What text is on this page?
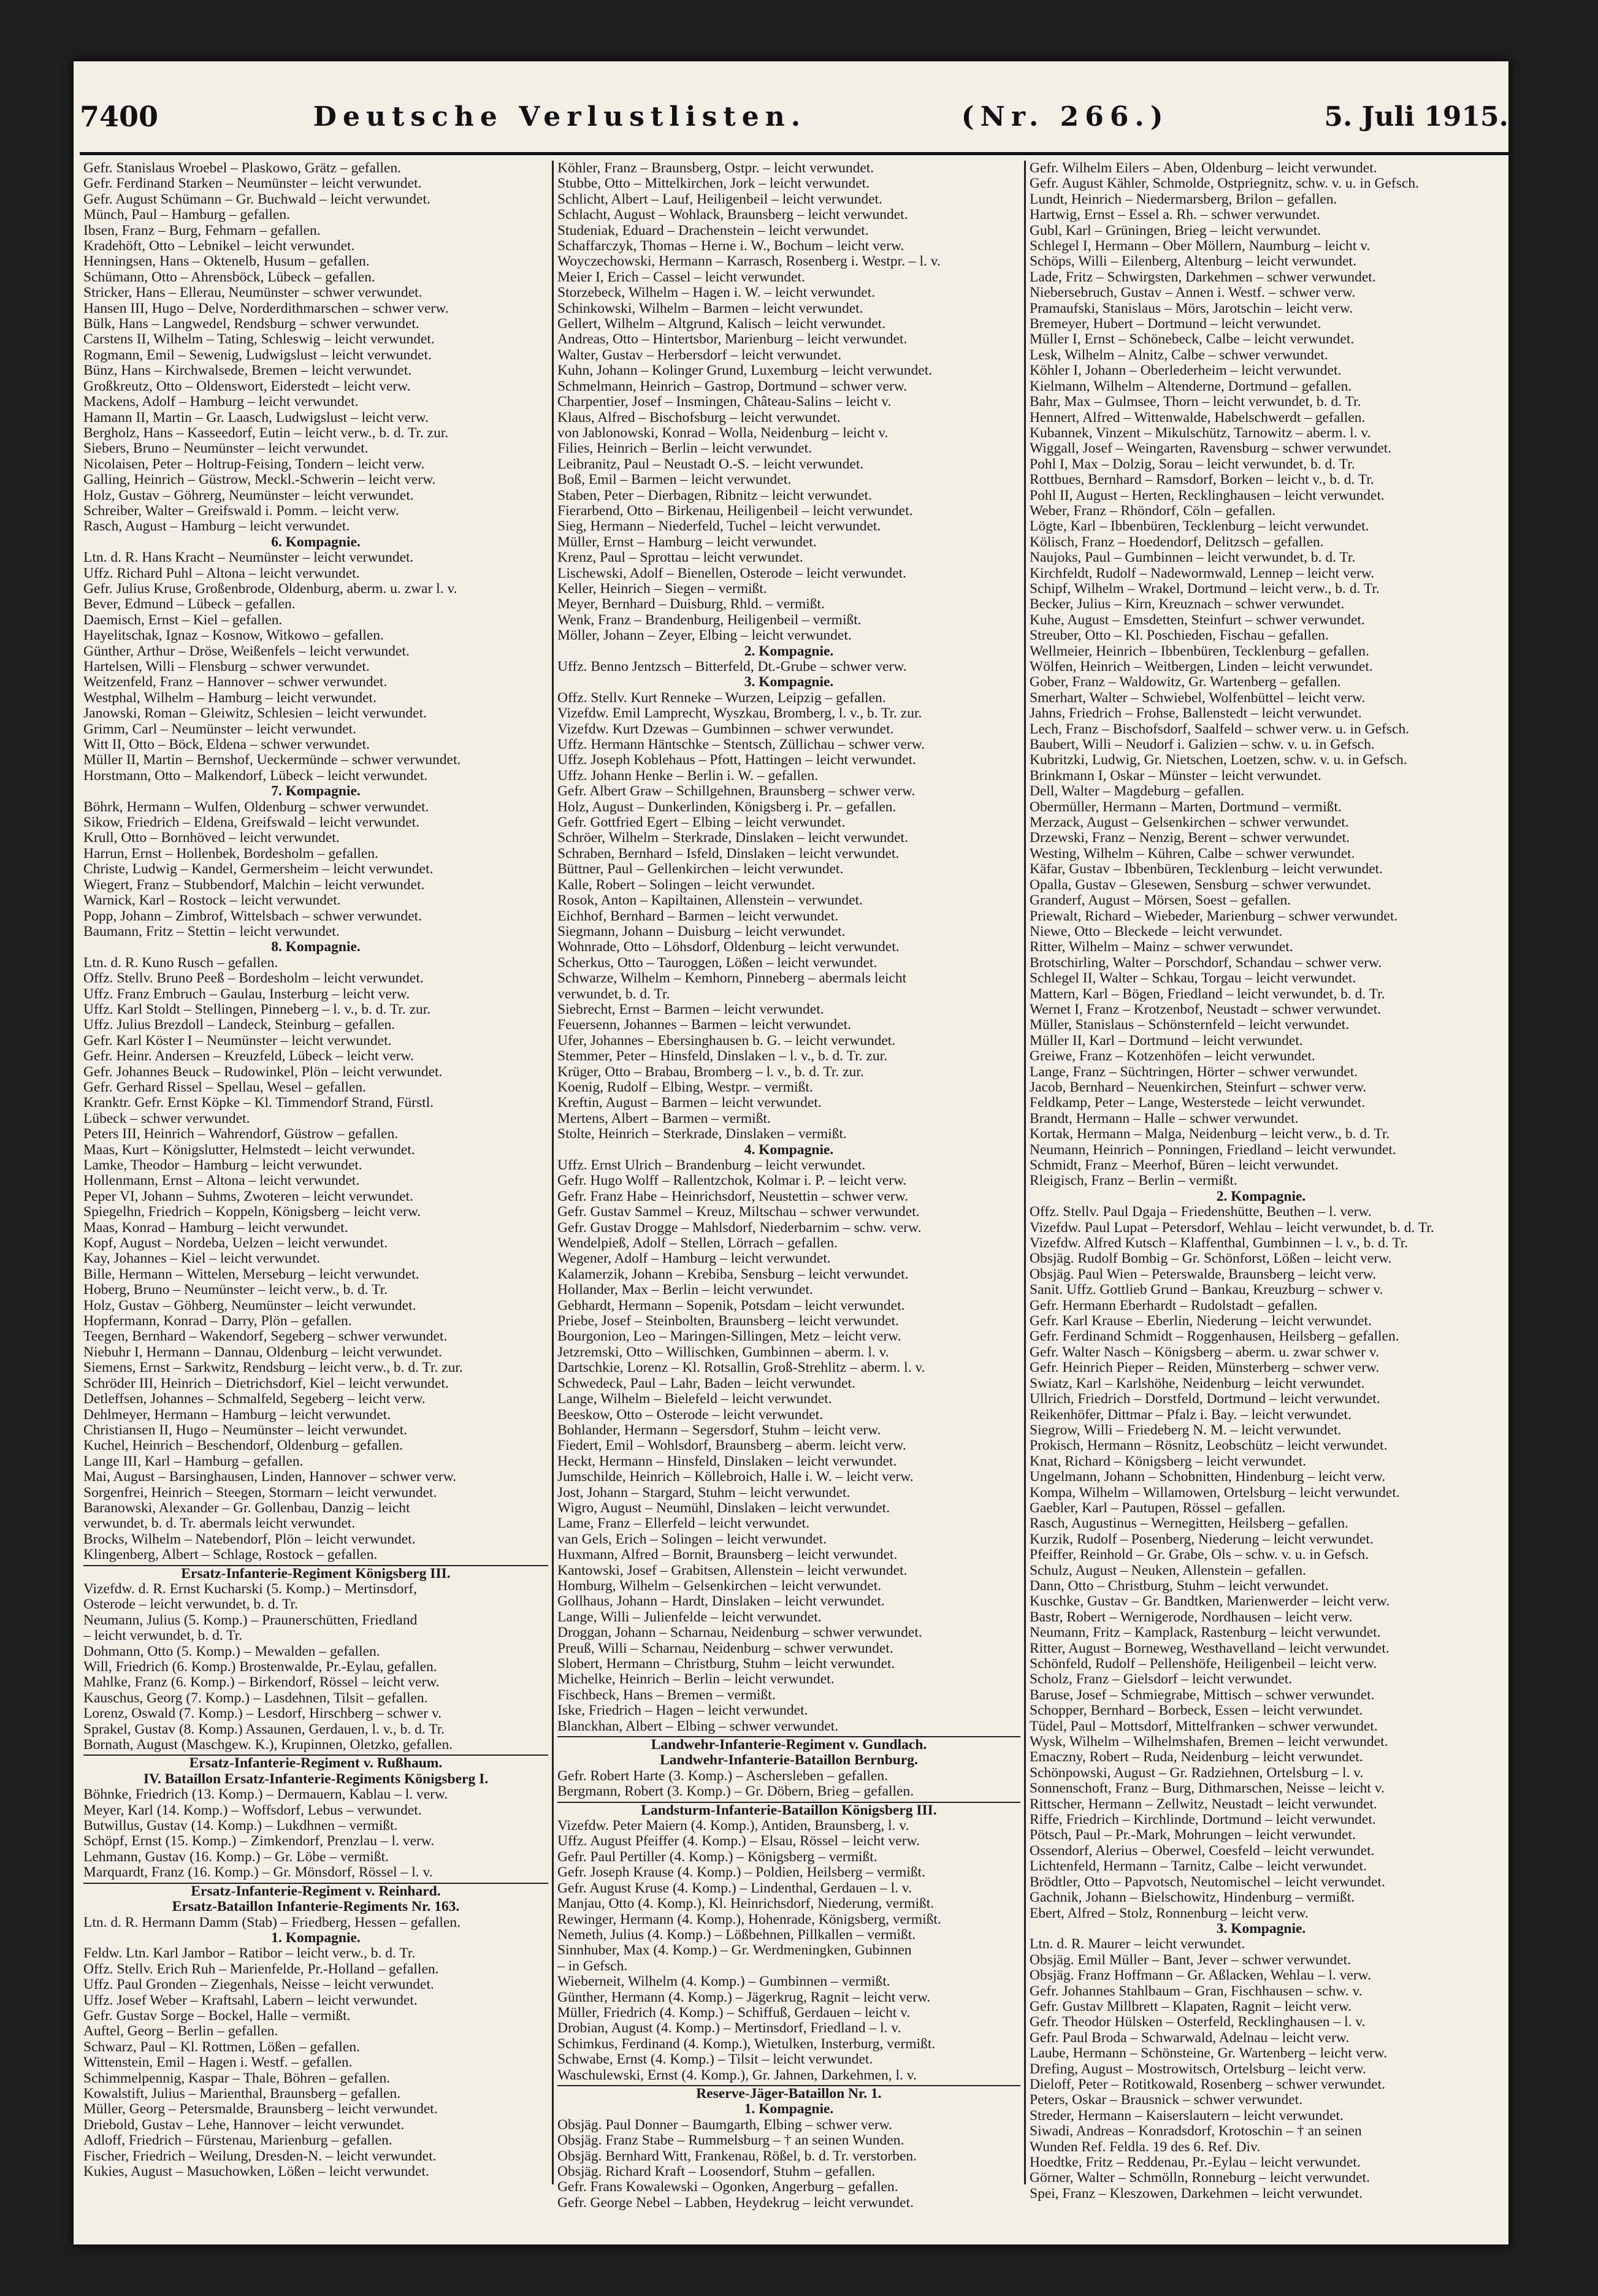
7400	Deutsche Verlustlisten.	(Nr. 266.)	5. Juli 1915.

Gefr. Stanislaus Wroebel – Plaskowo, Grätz – gefallen.

Gefr. Ferdinand Starken – Neumünster – leicht verwundet.

Gefr. August Schümann – Gr. Buchwald – leicht verwundet.

Münch, Paul – Hamburg – gefallen.

Ibsen, Franz – Burg, Fehmarn – gefallen.

Kradehöft, Otto – Lebnikel – leicht verwundet.

Henningsen, Hans – Oktenelb, Husum – gefallen.

Schümann, Otto – Ahrensböck, Lübeck – gefallen.

Stricker, Hans – Ellerau, Neumünster – schwer verwundet.

Hansen III, Hugo – Delve, Norderdithmarschen – schwer verw.

Bülk, Hans – Langwedel, Rendsburg – schwer verwundet.

Carstens II, Wilhelm – Tating, Schleswig – leicht verwundet.

Rogmann, Emil – Sewenig, Ludwigslust – leicht verwundet.

Bünz, Hans – Kirchwalsede, Bremen – leicht verwundet.

Großkreutz, Otto – Oldenswort, Eiderstedt – leicht verw.

Mackens, Adolf – Hamburg – leicht verwundet.

Hamann II, Martin – Gr. Laasch, Ludwigslust – leicht verw.

Bergholz, Hans – Kasseedorf, Eutin – leicht verw., b. d. Tr. zur.

Siebers, Bruno – Neumünster – leicht verwundet.

Nicolaisen, Peter – Holtrup-Feising, Tondern – leicht verw.

Galling, Heinrich – Güstrow, Meckl.-Schwerin – leicht verw.

Holz, Gustav – Göhrerg, Neumünster – leicht verwundet.

Schreiber, Walter – Greifswald i. Pomm. – leicht verw.

Rasch, August – Hamburg – leicht verwundet.

6. Kompagnie.

Ltn. d. R. Hans Kracht – Neumünster – leicht verwundet.

Uffz. Richard Puhl – Altona – leicht verwundet.

Gefr. Julius Kruse, Großenbrode, Oldenburg, aberm. u. zwar l. v.

Bever, Edmund – Lübeck – gefallen.

Daemisch, Ernst – Kiel – gefallen.

Hayelitschak, Ignaz – Kosnow, Witkowo – gefallen.

Günther, Arthur – Dröse, Weißenfels – leicht verwundet.

Hartelsen, Willi – Flensburg – schwer verwundet.

Weitzenfeld, Franz – Hannover – schwer verwundet.

Westphal, Wilhelm – Hamburg – leicht verwundet.

Janowski, Roman – Gleiwitz, Schlesien – leicht verwundet.

Grimm, Carl – Neumünster – leicht verwundet.

Witt II, Otto – Böck, Eldena – schwer verwundet.

Müller II, Martin – Bernshof, Ueckermünde – schwer verwundet.

Horstmann, Otto – Malkendorf, Lübeck – leicht verwundet.

7. Kompagnie.

Böhrk, Hermann – Wulfen, Oldenburg – schwer verwundet.

Sikow, Friedrich – Eldena, Greifswald – leicht verwundet.

Krull, Otto – Bornhöved – leicht verwundet.

Harrun, Ernst – Hollenbek, Bordesholm – gefallen.

Christe, Ludwig – Kandel, Germersheim – leicht verwundet.

Wiegert, Franz – Stubbendorf, Malchin – leicht verwundet.

Warnick, Karl – Rostock – leicht verwundet.

Popp, Johann – Zimbrof, Wittelsbach – schwer verwundet.

Baumann, Fritz – Stettin – leicht verwundet.

8. Kompagnie.

Ltn. d. R. Kuno Rusch – gefallen.

Offz. Stellv. Bruno Peeß – Bordesholm – leicht verwundet.

Uffz. Franz Embruch – Gaulau, Insterburg – leicht verw.

Uffz. Karl Stoldt – Stellingen, Pinneberg – l. v., b. d. Tr. zur.

Uffz. Julius Brezdoll – Landeck, Steinburg – gefallen.

Gefr. Karl Köster I – Neumünster – leicht verwundet.

Gefr. Heinr. Andersen – Kreuzfeld, Lübeck – leicht verw.

Gefr. Johannes Beuck – Rudowinkel, Plön – leicht verwundet.

Gefr. Gerhard Rissel – Spellau, Wesel – gefallen.

Kranktr. Gefr. Ernst Köpke – Kl. Timmendorf Strand, Fürstl.

Lübeck – schwer verwundet.

Peters III, Heinrich – Wahrendorf, Güstrow – gefallen.

Maas, Kurt – Königslutter, Helmstedt – leicht verwundet.

Lamke, Theodor – Hamburg – leicht verwundet.

Hollenmann, Ernst – Altona – leicht verwundet.

Peper VI, Johann – Suhms, Zwoteren – leicht verwundet.

Spiegelhn, Friedrich – Koppeln, Königsberg – leicht verw.

Maas, Konrad – Hamburg – leicht verwundet.

Kopf, August – Nordeba, Uelzen – leicht verwundet.

Kay, Johannes – Kiel – leicht verwundet.

Bille, Hermann – Wittelen, Merseburg – leicht verwundet.

Hoberg, Bruno – Neumünster – leicht verw., b. d. Tr.

Holz, Gustav – Göhberg, Neumünster – leicht verwundet.

Hopfermann, Konrad – Darry, Plön – gefallen.

Teegen, Bernhard – Wakendorf, Segeberg – schwer verwundet.

Niebuhr I, Hermann – Dannau, Oldenburg – leicht verwundet.

Siemens, Ernst – Sarkwitz, Rendsburg – leicht verw., b. d. Tr. zur.

Schröder III, Heinrich – Dietrichsdorf, Kiel – leicht verwundet.

Detleffsen, Johannes – Schmalfeld, Segeberg – leicht verw.

Dehlmeyer, Hermann – Hamburg – leicht verwundet.

Christiansen II, Hugo – Neumünster – leicht verwundet.

Kuchel, Heinrich – Beschendorf, Oldenburg – gefallen.

Lange III, Karl – Hamburg – gefallen.

Mai, August – Barsinghausen, Linden, Hannover – schwer verw.

Sorgenfrei, Heinrich – Steegen, Stormarn – leicht verwundet.

Baranowski, Alexander – Gr. Gollenbau, Danzig – leicht

verwundet, b. d. Tr. abermals leicht verwundet.

Brocks, Wilhelm – Natebendorf, Plön – leicht verwundet.

Klingenberg, Albert – Schlage, Rostock – gefallen.

Ersatz-Infanterie-Regiment Königsberg III.

Vizefdw. d. R. Ernst Kucharski (5. Komp.) – Mertinsdorf,

Osterode – leicht verwundet, b. d. Tr.

Neumann, Julius (5. Komp.) – Praunerschütten, Friedland

– leicht verwundet, b. d. Tr.

Dohmann, Otto (5. Komp.) – Mewalden – gefallen.

Will, Friedrich (6. Komp.) Brostenwalde, Pr.-Eylau, gefallen.

Mahlke, Franz (6. Komp.) – Birkendorf, Rössel – leicht verw.

Kauschus, Georg (7. Komp.) – Lasdehnen, Tilsit – gefallen.

Lorenz, Oswald (7. Komp.) – Lesdorf, Hirschberg – schwer v.

Sprakel, Gustav (8. Komp.) Assaunen, Gerdauen, l. v., b. d. Tr.

Bornath, August (Maschgew. K.), Krupinnen, Oletzko, gefallen.

Ersatz-Infanterie-Regiment v. Rußhaum.

IV. Bataillon Ersatz-Infanterie-Regiments Königsberg I.

Böhnke, Friedrich (13. Komp.) – Dermauern, Kablau – l. verw.

Meyer, Karl (14. Komp.) – Woffsdorf, Lebus – verwundet.

Butwillus, Gustav (14. Komp.) – Lukdhnen – vermißt.

Schöpf, Ernst (15. Komp.) – Zimkendorf, Prenzlau – l. verw.

Lehmann, Gustav (16. Komp.) – Gr. Löbe – vermißt.

Marquardt, Franz (16. Komp.) – Gr. Mönsdorf, Rössel – l. v.

Ersatz-Infanterie-Regiment v. Reinhard.

Ersatz-Bataillon Infanterie-Regiments Nr. 163.

Ltn. d. R. Hermann Damm (Stab) – Friedberg, Hessen – gefallen.

1. Kompagnie.

Feldw. Ltn. Karl Jambor – Ratibor – leicht verw., b. d. Tr.

Offz. Stellv. Erich Ruh – Marienfelde, Pr.-Holland – gefallen.

Uffz. Paul Gronden – Ziegenhals, Neisse – leicht verwundet.

Uffz. Josef Weber – Kraftsahl, Labern – leicht verwundet.

Gefr. Gustav Sorge – Bockel, Halle – vermißt.

Auftel, Georg – Berlin – gefallen.

Schwarz, Paul – Kl. Rottmen, Lößen – gefallen.

Wittenstein, Emil – Hagen i. Westf. – gefallen.

Schimmelpennig, Kaspar – Thale, Böhren – gefallen.

Kowalstift, Julius – Marienthal, Braunsberg – gefallen.

Müller, Georg – Petersmalde, Braunsberg – leicht verwundet.

Driebold, Gustav – Lehe, Hannover – leicht verwundet.

Adloff, Friedrich – Fürstenau, Marienburg – gefallen.

Fischer, Friedrich – Weilung, Dresden-N. – leicht verwundet.

Kukies, August – Masuchowken, Lößen – leicht verwundet.

Köhler, Franz – Braunsberg, Ostpr. – leicht verwundet.

Stubbe, Otto – Mittelkirchen, Jork – leicht verwundet.

Schlicht, Albert – Lauf, Heiligenbeil – leicht verwundet.

Schlacht, August – Wohlack, Braunsberg – leicht verwundet.

Studeniak, Eduard – Drachenstein – leicht verwundet.

Schaffarczyk, Thomas – Herne i. W., Bochum – leicht verw.

Woyczechowski, Hermann – Karrasch, Rosenberg i. Westpr. – l. v.

Meier I, Erich – Cassel – leicht verwundet.

Storzebeck, Wilhelm – Hagen i. W. – leicht verwundet.

Schinkowski, Wilhelm – Barmen – leicht verwundet.

Gellert, Wilhelm – Altgrund, Kalisch – leicht verwundet.

Andreas, Otto – Hintertsbor, Marienburg – leicht verwundet.

Walter, Gustav – Herbersdorf – leicht verwundet.

Kuhn, Johann – Kolinger Grund, Luxemburg – leicht verwundet.

Schmelmann, Heinrich – Gastrop, Dortmund – schwer verw.

Charpentier, Josef – Insmingen, Château-Salins – leicht v.

Klaus, Alfred – Bischofsburg – leicht verwundet.

von Jablonowski, Konrad – Wolla, Neidenburg – leicht v.

Filies, Heinrich – Berlin – leicht verwundet.

Leibranitz, Paul – Neustadt O.-S. – leicht verwundet.

Boß, Emil – Barmen – leicht verwundet.

Staben, Peter – Dierbagen, Ribnitz – leicht verwundet.

Fierarbend, Otto – Birkenau, Heiligenbeil – leicht verwundet.

Sieg, Hermann – Niederfeld, Tuchel – leicht verwundet.

Müller, Ernst – Hamburg – leicht verwundet.

Krenz, Paul – Sprottau – leicht verwundet.

Lischewski, Adolf – Bienellen, Osterode – leicht verwundet.

Keller, Heinrich – Siegen – vermißt.

Meyer, Bernhard – Duisburg, Rhld. – vermißt.

Wenk, Franz – Brandenburg, Heiligenbeil – vermißt.

Möller, Johann – Zeyer, Elbing – leicht verwundet.

2. Kompagnie.

Uffz. Benno Jentzsch – Bitterfeld, Dt.-Grube – schwer verw.

3. Kompagnie.

Offz. Stellv. Kurt Renneke – Wurzen, Leipzig – gefallen.

Vizefdw. Emil Lamprecht, Wyszkau, Bromberg, l. v., b. Tr. zur.

Vizefdw. Kurt Dzewas – Gumbinnen – schwer verwundet.

Uffz. Hermann Häntschke – Stentsch, Züllichau – schwer verw.

Uffz. Joseph Koblehaus – Pfott, Hattingen – leicht verwundet.

Uffz. Johann Henke – Berlin i. W. – gefallen.

Gefr. Albert Graw – Schillgehnen, Braunsberg – schwer verw.

Holz, August – Dunkerlinden, Königsberg i. Pr. – gefallen.

Gefr. Gottfried Egert – Elbing – leicht verwundet.

Schröer, Wilhelm – Sterkrade, Dinslaken – leicht verwundet.

Schraben, Bernhard – Isfeld, Dinslaken – leicht verwundet.

Büttner, Paul – Gellenkirchen – leicht verwundet.

Kalle, Robert – Solingen – leicht verwundet.

Rosok, Anton – Kapiltainen, Allenstein – verwundet.

Eichhof, Bernhard – Barmen – leicht verwundet.

Siegmann, Johann – Duisburg – leicht verwundet.

Wohnrade, Otto – Löhsdorf, Oldenburg – leicht verwundet.

Scherkus, Otto – Tauroggen, Lößen – leicht verwundet.

Schwarze, Wilhelm – Kemhorn, Pinneberg – abermals leicht

verwundet, b. d. Tr.

Siebrecht, Ernst – Barmen – leicht verwundet.

Feuersenn, Johannes – Barmen – leicht verwundet.

Ufer, Johannes – Ebersinghausen b. G. – leicht verwundet.

Stemmer, Peter – Hinsfeld, Dinslaken – l. v., b. d. Tr. zur.

Krüger, Otto – Brabau, Bromberg – l. v., b. d. Tr. zur.

Koenig, Rudolf – Elbing, Westpr. – vermißt.

Kreftin, August – Barmen – leicht verwundet.

Mertens, Albert – Barmen – vermißt.

Stolte, Heinrich – Sterkrade, Dinslaken – vermißt.

4. Kompagnie.

Uffz. Ernst Ulrich – Brandenburg – leicht verwundet.

Gefr. Hugo Wolff – Rallentzchok, Kolmar i. P. – leicht verw.

Gefr. Franz Habe – Heinrichsdorf, Neustettin – schwer verw.

Gefr. Gustav Sammel – Kreuz, Miltschau – schwer verwundet.

Gefr. Gustav Drogge – Mahlsdorf, Niederbarnim – schw. verw.

Wendelpieß, Adolf – Stellen, Lörrach – gefallen.

Wegener, Adolf – Hamburg – leicht verwundet.

Kalamerzik, Johann – Krebiba, Sensburg – leicht verwundet.

Hollander, Max – Berlin – leicht verwundet.

Gebhardt, Hermann – Sopenik, Potsdam – leicht verwundet.

Priebe, Josef – Steinbolten, Braunsberg – leicht verwundet.

Bourgonion, Leo – Maringen-Sillingen, Metz – leicht verw.

Jetzremski, Otto – Willischken, Gumbinnen – aberm. l. v.

Dartschkie, Lorenz – Kl. Rotsallin, Groß-Strehlitz – aberm. l. v.

Schwedeck, Paul – Lahr, Baden – leicht verwundet.

Lange, Wilhelm – Bielefeld – leicht verwundet.

Beeskow, Otto – Osterode – leicht verwundet.

Bohlander, Hermann – Segersdorf, Stuhm – leicht verw.

Fiedert, Emil – Wohlsdorf, Braunsberg – aberm. leicht verw.

Heckt, Hermann – Hinsfeld, Dinslaken – leicht verwundet.

Jumschilde, Heinrich – Köllebroich, Halle i. W. – leicht verw.

Jost, Johann – Stargard, Stuhm – leicht verwundet.

Wigro, August – Neumühl, Dinslaken – leicht verwundet.

Lame, Franz – Ellerfeld – leicht verwundet.

van Gels, Erich – Solingen – leicht verwundet.

Huxmann, Alfred – Bornit, Braunsberg – leicht verwundet.

Kantowski, Josef – Grabitsen, Allenstein – leicht verwundet.

Homburg, Wilhelm – Gelsenkirchen – leicht verwundet.

Gollhaus, Johann – Hardt, Dinslaken – leicht verwundet.

Lange, Willi – Julienfelde – leicht verwundet.

Droggan, Johann – Scharnau, Neidenburg – schwer verwundet.

Preuß, Willi – Scharnau, Neidenburg – schwer verwundet.

Slobert, Hermann – Christburg, Stuhm – leicht verwundet.

Michelke, Heinrich – Berlin – leicht verwundet.

Fischbeck, Hans – Bremen – vermißt.

Iske, Friedrich – Hagen – leicht verwundet.

Blanckhan, Albert – Elbing – schwer verwundet.

Landwehr-Infanterie-Regiment v. Gundlach.

Landwehr-Infanterie-Bataillon Bernburg.

Gefr. Robert Harte (3. Komp.) – Aschersleben – gefallen.

Bergmann, Robert (3. Komp.) – Gr. Döbern, Brieg – gefallen.

Landsturm-Infanterie-Bataillon Königsberg III.

Vizefdw. Peter Maiern (4. Komp.), Antiden, Braunsberg, l. v.

Uffz. August Pfeiffer (4. Komp.) – Elsau, Rössel – leicht verw.

Gefr. Paul Pertiller (4. Komp.) – Königsberg – vermißt.

Gefr. Joseph Krause (4. Komp.) – Poldien, Heilsberg – vermißt.

Gefr. August Kruse (4. Komp.) – Lindenthal, Gerdauen – l. v.

Manjau, Otto (4. Komp.), Kl. Heinrichsdorf, Niederung, vermißt.

Rewinger, Hermann (4. Komp.), Hohenrade, Königsberg, vermißt.

Nemeth, Julius (4. Komp.) – Lößbehnen, Pillkallen – vermißt.

Sinnhuber, Max (4. Komp.) – Gr. Werdmeningken, Gubinnen

– in Gefsch.

Wieberneit, Wilhelm (4. Komp.) – Gumbinnen – vermißt.

Günther, Hermann (4. Komp.) – Jägerkrug, Ragnit – leicht verw.

Müller, Friedrich (4. Komp.) – Schiffuß, Gerdauen – leicht v.

Drobian, August (4. Komp.) – Mertinsdorf, Friedland – l. v.

Schimkus, Ferdinand (4. Komp.), Wietulken, Insterburg, vermißt.

Schwabe, Ernst (4. Komp.) – Tilsit – leicht verwundet.

Waschulewski, Ernst (4. Komp.), Gr. Jahnen, Darkehmen, l. v.

Reserve-Jäger-Bataillon Nr. 1.

1. Kompagnie.

Obsjäg. Paul Donner – Baumgarth, Elbing – schwer verw.

Obsjäg. Franz Stabe – Rummelsburg – † an seinen Wunden.

Obsjäg. Bernhard Witt, Frankenau, Rößel, b. d. Tr. verstorben.

Obsjäg. Richard Kraft – Loosendorf, Stuhm – gefallen.

Gefr. Frans Kowalewski – Ogonken, Angerburg – gefallen.

Gefr. George Nebel – Labben, Heydekrug – leicht verwundet.

Gefr. Wilhelm Eilers – Aben, Oldenburg – leicht verwundet.

Gefr. August Kähler, Schmolde, Ostpriegnitz, schw. v. u. in Gefsch.

Lundt, Heinrich – Niedermarsberg, Brilon – gefallen.

Hartwig, Ernst – Essel a. Rh. – schwer verwundet.

Gubl, Karl – Grüningen, Brieg – leicht verwundet.

Schlegel I, Hermann – Ober Möllern, Naumburg – leicht v.

Schöps, Willi – Eilenberg, Altenburg – leicht verwundet.

Lade, Fritz – Schwirgsten, Darkehmen – schwer verwundet.

Niebersebruch, Gustav – Annen i. Westf. – schwer verw.

Pramaufski, Stanislaus – Mörs, Jarotschin – leicht verw.

Bremeyer, Hubert – Dortmund – leicht verwundet.

Müller I, Ernst – Schönebeck, Calbe – leicht verwundet.

Lesk, Wilhelm – Alnitz, Calbe – schwer verwundet.

Köhler I, Johann – Oberlederheim – leicht verwundet.

Kielmann, Wilhelm – Altenderne, Dortmund – gefallen.

Bahr, Max – Gulmsee, Thorn – leicht verwundet, b. d. Tr.

Hennert, Alfred – Wittenwalde, Habelschwerdt – gefallen.

Kubannek, Vinzent – Mikulschütz, Tarnowitz – aberm. l. v.

Wiggall, Josef – Weingarten, Ravensburg – schwer verwundet.

Pohl I, Max – Dolzig, Sorau – leicht verwundet, b. d. Tr.

Rottbues, Bernhard – Ramsdorf, Borken – leicht v., b. d. Tr.

Pohl II, August – Herten, Recklinghausen – leicht verwundet.

Weber, Franz – Rhöndorf, Cöln – gefallen.

Lögte, Karl – Ibbenbüren, Tecklenburg – leicht verwundet.

Kölisch, Franz – Hoedendorf, Delitzsch – gefallen.

Naujoks, Paul – Gumbinnen – leicht verwundet, b. d. Tr.

Kirchfeldt, Rudolf – Nadewormwald, Lennep – leicht verw.

Schipf, Wilhelm – Wrakel, Dortmund – leicht verw., b. d. Tr.

Becker, Julius – Kirn, Kreuznach – schwer verwundet.

Kuhe, August – Emsdetten, Steinfurt – schwer verwundet.

Streuber, Otto – Kl. Poschieden, Fischau – gefallen.

Wellmeier, Heinrich – Ibbenbüren, Tecklenburg – gefallen.

Wölfen, Heinrich – Weitbergen, Linden – leicht verwundet.

Gober, Franz – Waldowitz, Gr. Wartenberg – gefallen.

Smerhart, Walter – Schwiebel, Wolfenbüttel – leicht verw.

Jahns, Friedrich – Frohse, Ballenstedt – leicht verwundet.

Lech, Franz – Bischofsdorf, Saalfeld – schwer verw. u. in Gefsch.

Baubert, Willi – Neudorf i. Galizien – schw. v. u. in Gefsch.

Kubritzki, Ludwig, Gr. Nietschen, Loetzen, schw. v. u. in Gefsch.

Brinkmann I, Oskar – Münster – leicht verwundet.

Dell, Walter – Magdeburg – gefallen.

Obermüller, Hermann – Marten, Dortmund – vermißt.

Merzack, August – Gelsenkirchen – schwer verwundet.

Drzewski, Franz – Nenzig, Berent – schwer verwundet.

Westing, Wilhelm – Kühren, Calbe – schwer verwundet.

Käfar, Gustav – Ibbenbüren, Tecklenburg – leicht verwundet.

Opalla, Gustav – Glesewen, Sensburg – schwer verwundet.

Granderf, August – Mörsen, Soest – gefallen.

Priewalt, Richard – Wiebeder, Marienburg – schwer verwundet.

Niewe, Otto – Bleckede – leicht verwundet.

Ritter, Wilhelm – Mainz – schwer verwundet.

Brotschirling, Walter – Porschdorf, Schandau – schwer verw.

Schlegel II, Walter – Schkau, Torgau – leicht verwundet.

Mattern, Karl – Bögen, Friedland – leicht verwundet, b. d. Tr.

Wernet I, Franz – Krotzenbof, Neustadt – schwer verwundet.

Müller, Stanislaus – Schönsternfeld – leicht verwundet.

Müller II, Karl – Dortmund – leicht verwundet.

Greiwe, Franz – Kotzenhöfen – leicht verwundet.

Lange, Franz – Süchtringen, Hörter – schwer verwundet.

Jacob, Bernhard – Neuenkirchen, Steinfurt – schwer verw.

Feldkamp, Peter – Lange, Westerstede – leicht verwundet.

Brandt, Hermann – Halle – schwer verwundet.

Kortak, Hermann – Malga, Neidenburg – leicht verw., b. d. Tr.

Neumann, Heinrich – Ponningen, Friedland – leicht verwundet.

Schmidt, Franz – Meerhof, Büren – leicht verwundet.

Rleigisch, Franz – Berlin – vermißt.

2. Kompagnie.

Offz. Stellv. Paul Dgaja – Friedenshütte, Beuthen – l. verw.

Vizefdw. Paul Lupat – Petersdorf, Wehlau – leicht verwundet, b. d. Tr.

Vizefdw. Alfred Kutsch – Klaffenthal, Gumbinnen – l. v., b. d. Tr.

Obsjäg. Rudolf Bombig – Gr. Schönforst, Lößen – leicht verw.

Obsjäg. Paul Wien – Peterswalde, Braunsberg – leicht verw.

Sanit. Uffz. Gottlieb Grund – Bankau, Kreuzburg – schwer v.

Gefr. Hermann Eberhardt – Rudolstadt – gefallen.

Gefr. Karl Krause – Eberlin, Niederung – leicht verwundet.

Gefr. Ferdinand Schmidt – Roggenhausen, Heilsberg – gefallen.

Gefr. Walter Nasch – Königsberg – aberm. u. zwar schwer v.

Gefr. Heinrich Pieper – Reiden, Münsterberg – schwer verw.

Swiatz, Karl – Karlshöhe, Neidenburg – leicht verwundet.

Ullrich, Friedrich – Dorstfeld, Dortmund – leicht verwundet.

Reikenhöfer, Dittmar – Pfalz i. Bay. – leicht verwundet.

Siegrow, Willi – Friedeberg N. M. – leicht verwundet.

Prokisch, Hermann – Rösnitz, Leobschütz – leicht verwundet.

Knat, Richard – Königsberg – leicht verwundet.

Ungelmann, Johann – Schobnitten, Hindenburg – leicht verw.

Kompa, Wilhelm – Willamowen, Ortelsburg – leicht verwundet.

Gaebler, Karl – Pautupen, Rössel – gefallen.

Rasch, Augustinus – Wernegitten, Heilsberg – gefallen.

Kurzik, Rudolf – Posenberg, Niederung – leicht verwundet.

Pfeiffer, Reinhold – Gr. Grabe, Ols – schw. v. u. in Gefsch.

Schulz, August – Neuken, Allenstein – gefallen.

Dann, Otto – Christburg, Stuhm – leicht verwundet.

Kuschke, Gustav – Gr. Bandtken, Marienwerder – leicht verw.

Bastr, Robert – Wernigerode, Nordhausen – leicht verw.

Neumann, Fritz – Kamplack, Rastenburg – leicht verwundet.

Ritter, August – Borneweg, Westhavelland – leicht verwundet.

Schönfeld, Rudolf – Pellenshöfe, Heiligenbeil – leicht verw.

Scholz, Franz – Gielsdorf – leicht verwundet.

Baruse, Josef – Schmiegrabe, Mittisch – schwer verwundet.

Schopper, Bernhard – Borbeck, Essen – leicht verwundet.

Tüdel, Paul – Mottsdorf, Mittelfranken – schwer verwundet.

Wysk, Wilhelm – Wilhelmshafen, Bremen – leicht verwundet.

Emaczny, Robert – Ruda, Neidenburg – leicht verwundet.

Schönpowski, August – Gr. Radziehnen, Ortelsburg – l. v.

Sonnenschoft, Franz – Burg, Dithmarschen, Neisse – leicht v.

Rittscher, Hermann – Zellwitz, Neustadt – leicht verwundet.

Riffe, Friedrich – Kirchlinde, Dortmund – leicht verwundet.

Pötsch, Paul – Pr.-Mark, Mohrungen – leicht verwundet.

Ossendorf, Alerius – Oberwel, Coesfeld – leicht verwundet.

Lichtenfeld, Hermann – Tarnitz, Calbe – leicht verwundet.

Brödtler, Otto – Papvotsch, Neutomischel – leicht verwundet.

Gachnik, Johann – Bielschowitz, Hindenburg – vermißt.

Ebert, Alfred – Stolz, Ronnenburg – leicht verw.

3. Kompagnie.

Ltn. d. R. Maurer – leicht verwundet.

Obsjäg. Emil Müller – Bant, Jever – schwer verwundet.

Obsjäg. Franz Hoffmann – Gr. Aßlacken, Wehlau – l. verw.

Gefr. Johannes Stahlbaum – Gran, Fischhausen – schw. v.

Gefr. Gustav Millbrett – Klapaten, Ragnit – leicht verw.

Gefr. Theodor Hülsken – Osterfeld, Recklinghausen – l. v.

Gefr. Paul Broda – Schwarwald, Adelnau – leicht verw.

Laube, Hermann – Schönsteine, Gr. Wartenberg – leicht verw.

Drefing, August – Mostrowitsch, Ortelsburg – leicht verw.

Dieloff, Peter – Rotitkowald, Rosenberg – schwer verwundet.

Peters, Oskar – Brausnick – schwer verwundet.

Streder, Hermann – Kaiserslautern – leicht verwundet.

Siwadi, Andreas – Konradsdorf, Krotoschin – † an seinen

Wunden Ref. Feldla. 19 des 6. Ref. Div.

Hoedtke, Fritz – Reddenau, Pr.-Eylau – leicht verwundet.

Görner, Walter – Schmölln, Ronneburg – leicht verwundet.

Spei, Franz – Kleszowen, Darkehmen – leicht verwundet.
